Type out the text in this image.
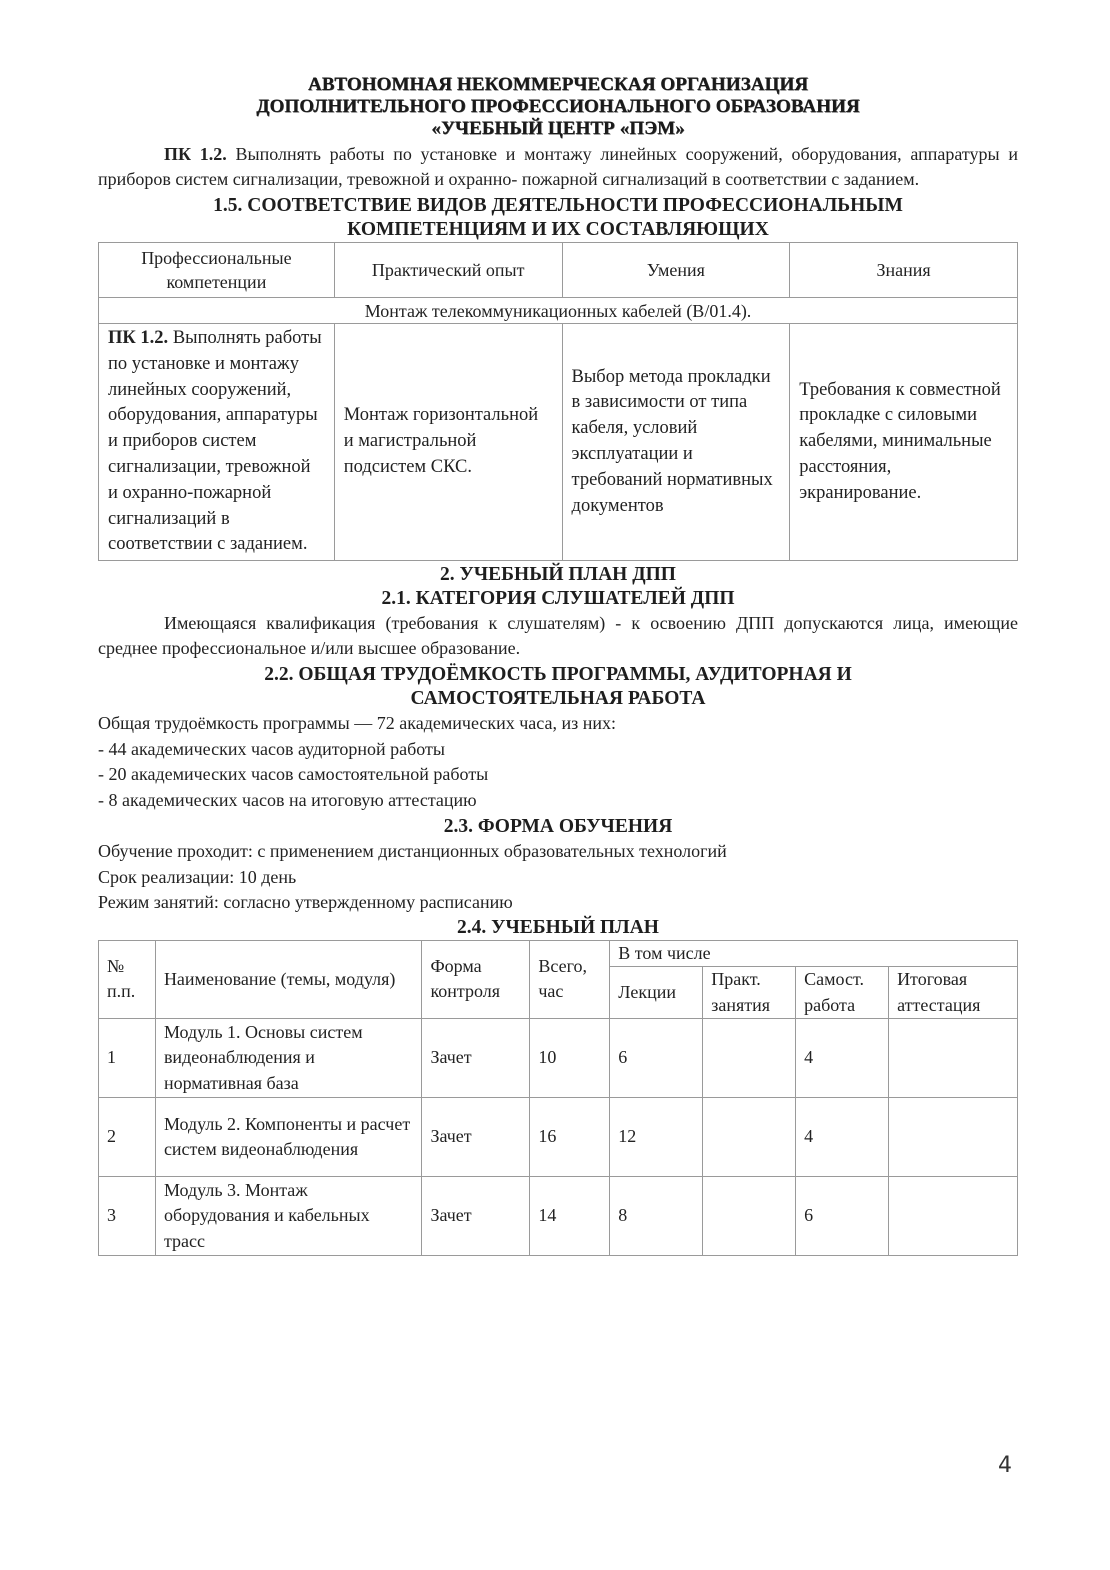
АВТОНОМНАЯ НЕКОММЕРЧЕСКАЯ ОРГАНИЗАЦИЯ
ДОПОЛНИТЕЛЬНОГО ПРОФЕССИОНАЛЬНОГО ОБРАЗОВАНИЯ
«УЧЕБНЫЙ ЦЕНТР «ПЭМ»

ПК 1.2. Выполнять работы по установке и монтажу линейных сооружений, оборудования, аппаратуры и приборов систем сигнализации, тревожной и охранно- пожарной сигнализаций в соответствии с заданием.

1.5. СООТВЕТСТВИЕ ВИДОВ ДЕЯТЕЛЬНОСТИ ПРОФЕССИОНАЛЬНЫМ

КОМПЕТЕНЦИЯМ И ИХ СОСТАВЛЯЮЩИХ

Профессиональные компетенции	Практический опыт	Умения	Знания
Монтаж телекоммуникационных кабелей (B/01.4).			
ПК 1.2. Выполнять работы по установке и монтажу линейных сооружений, оборудования, аппаратуры и приборов систем сигнализации, тревожной и охранно-пожарной сигнализаций в соответствии с заданием.	Монтаж горизонтальной и магистральной подсистем СКС.	Выбор метода прокладки в зависимости от типа кабеля, условий эксплуатации и требований нормативных документов	Требования к совместной прокладке с силовыми кабелями, минимальные расстояния, экранирование.

2. УЧЕБНЫЙ ПЛАН ДПП

2.1. КАТЕГОРИЯ СЛУШАТЕЛЕЙ ДПП

Имеющаяся квалификация (требования к слушателям) - к освоению ДПП допускаются лица, имеющие среднее профессиональное и/или высшее образование.

2.2. ОБЩАЯ ТРУДОЁМКОСТЬ ПРОГРАММЫ, АУДИТОРНАЯ И

САМОСТОЯТЕЛЬНАЯ РАБОТА

Общая трудоёмкость программы — 72 академических часа, из них:

- 44 академических часов аудиторной работы

- 20 академических часов самостоятельной работы

- 8 академических часов на итоговую аттестацию

2.3. ФОРМА ОБУЧЕНИЯ

Обучение проходит: с применением дистанционных образовательных технологий

Срок реализации: 10 день

Режим занятий: согласно утвержденному расписанию

2.4. УЧЕБНЫЙ ПЛАН

№ п.п.	Наименование (темы, модуля)	Форма контроля	Всего, час	В том числе			
				Лекции	Практ. занятия	Самост. работа	Итоговая аттестация
1	Модуль 1. Основы систем видеонаблюдения и нормативная база	Зачет	10	6		4	
2	Модуль 2. Компоненты и расчет систем видеонаблюдения	Зачет	16	12		4	
3	Модуль 3. Монтаж оборудования и кабельных трасс	Зачет	14	8		6	
4
